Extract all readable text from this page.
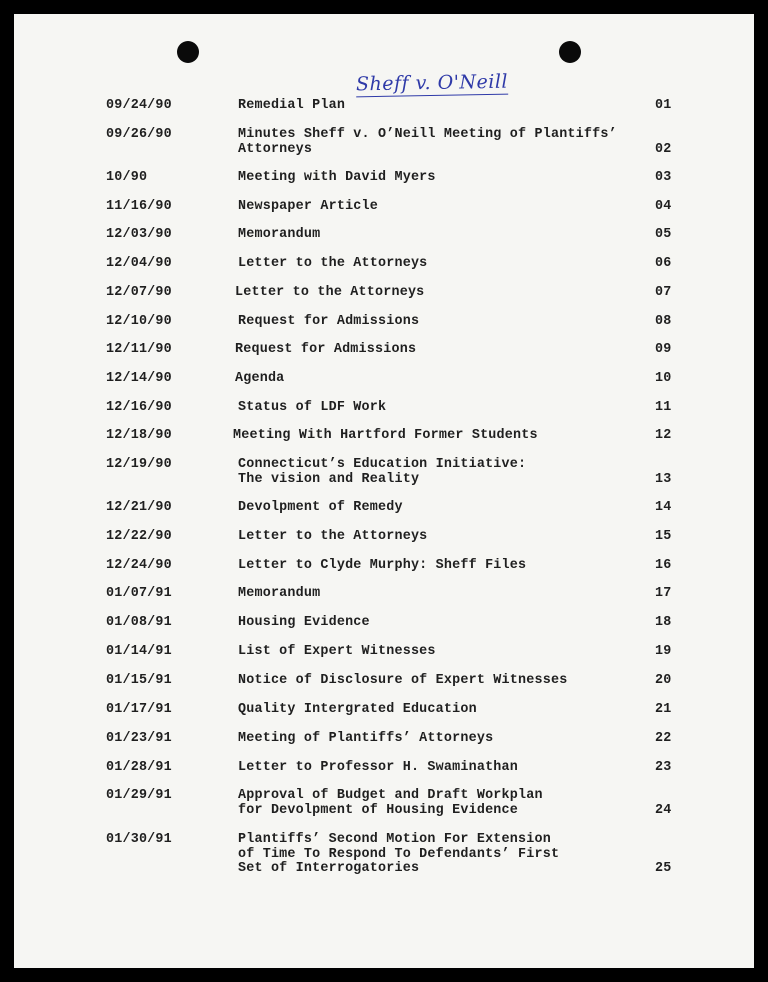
Sheff v. O'Neill
09/24/90	Remedial Plan	01
09/26/90	Minutes Sheff v. O’Neill Meeting of Plantiffs’
Attorneys	02
10/90	Meeting with David Myers	03
11/16/90	Newspaper Article	04
12/03/90	Memorandum	05
12/04/90	Letter to the Attorneys	06
12/07/90	Letter to the Attorneys	07
12/10/90	Request for Admissions	08
12/11/90	Request for Admissions	09
12/14/90	Agenda	10
12/16/90	Status of LDF Work	11
12/18/90	Meeting With Hartford Former Students	12
12/19/90	Connecticut’s Education Initiative:
The vision and Reality	13
12/21/90	Devolpment of Remedy	14
12/22/90	Letter to the Attorneys	15
12/24/90	Letter to Clyde Murphy: Sheff Files	16
01/07/91	Memorandum	17
01/08/91	Housing Evidence	18
01/14/91	List of Expert Witnesses	19
01/15/91	Notice of Disclosure of Expert Witnesses	20
01/17/91	Quality Intergrated Education	21
01/23/91	Meeting of Plantiffs’ Attorneys	22
01/28/91	Letter to Professor H. Swaminathan	23
01/29/91	Approval of Budget and Draft Workplan
for Devolpment of Housing Evidence	24
01/30/91	Plantiffs’ Second Motion For Extension
of Time To Respond To Defendants’ First
Set of Interrogatories	25
